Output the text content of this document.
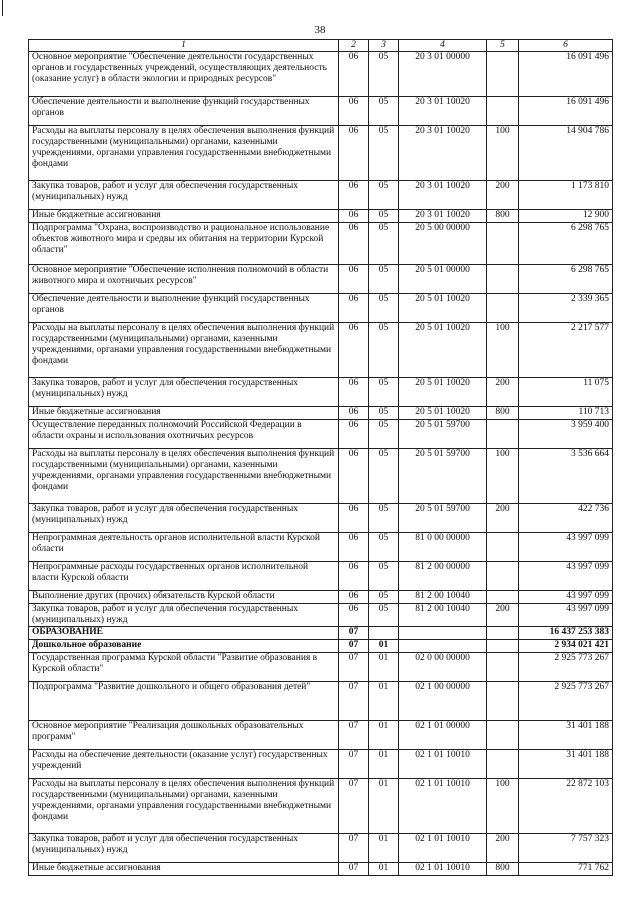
38
1	2	3	4	5	6
Основное мероприятие "Обеспечение деятельности государственных органов и государственных учреждений, осуществляющих деятельность (оказание услуг) в области экологии и природных ресурсов"	06	05	20 3 01 00000		16 091 496
Обеспечение деятельности и выполнение функций государственных органов	06	05	20 3 01 10020		16 091 496
Расходы на выплаты персоналу в целях обеспечения выполнения функций государственными (муниципальными) органами, казенными учреждениями, органами управления государственными внебюджетными фондами	06	05	20 3 01 10020	100	14 904 786
Закупка товаров, работ и услуг для обеспечения государственных (муниципальных) нужд	06	05	20 3 01 10020	200	1 173 810
Иные бюджетные ассигнования	06	05	20 3 01 10020	800	12 900
Подпрограмма "Охрана, воспроизводство и рациональное использование объектов животного мира и средвы их обитания на территории Курской области"	06	05	20 5 00 00000		6 298 765
Основное мероприятие "Обеспечение исполнения полномочий в области животного мира и охотничьих ресурсов"	06	05	20 5 01 00000		6 298 765
Обеспечение деятельности и выполнение функций государственных органов	06	05	20 5 01 10020		2 339 365
Расходы на выплаты персоналу в целях обеспечения выполнения функций государственными (муниципальными) органами, казенными учреждениями, органами управления государственными внебюджетными фондами	06	05	20 5 01 10020	100	2 217 577
Закупка товаров, работ и услуг для обеспечения государственных (муниципальных) нужд	06	05	20 5 01 10020	200	11 075
Иные бюджетные ассигнования	06	05	20 5 01 10020	800	110 713
Осуществление переданных полномочий Российской Федерации в области охраны и использования охотничьих ресурсов	06	05	20 5 01 59700		3 959 400
Расходы на выплаты персоналу в целях обеспечения выполнения функций государственными (муниципальными) органами, казенными учреждениями, органами управления государственными внебюджетными фондами	06	05	20 5 01 59700	100	3 536 664
Закупка товаров, работ и услуг для обеспечения государственных (муниципальных) нужд	06	05	20 5 01 59700	200	422 736
Непрограммная деятельность органов исполнительной власти Курской области	06	05	81 0 00 00000		43 997 099
Непрограммные расходы государственных органов исполнительной власти Курской области	06	05	81 2 00 00000		43 997 099
Выполнение других (прочих) обязательств Курской области	06	05	81 2 00 10040		43 997 099
Закупка товаров, работ и услуг для обеспечения государственных (муниципальных) нужд	06	05	81 2 00 10040	200	43 997 099
ОБРАЗОВАНИЕ	07				16 437 253 383
Дошкольное образование	07	01			2 934 021 421
Государственная программа Курской области "Развитие образования в Курской области"	07	01	02 0 00 00000		2 925 773 267
Подпрограмма "Развитие дошкольного и общего образования детей"	07	01	02 1 00 00000		2 925 773 267
Основное мероприятие "Реализация дошкольных образовательных программ"	07	01	02 1 01 00000		31 401 188
Расходы на обеспечение деятельности (оказание услуг) государственных учреждений	07	01	02 1 01 10010		31 401 188
Расходы на выплаты персоналу в целях обеспечения выполнения функций государственными (муниципальными) органами, казенными учреждениями, органами управления государственными внебюджетными фондами	07	01	02 1 01 10010	100	22 872 103
Закупка товаров, работ и услуг для обеспечения государственных (муниципальных) нужд	07	01	02 1 01 10010	200	7 757 323
Иные бюджетные ассигнования	07	01	02 1 01 10010	800	771 762
